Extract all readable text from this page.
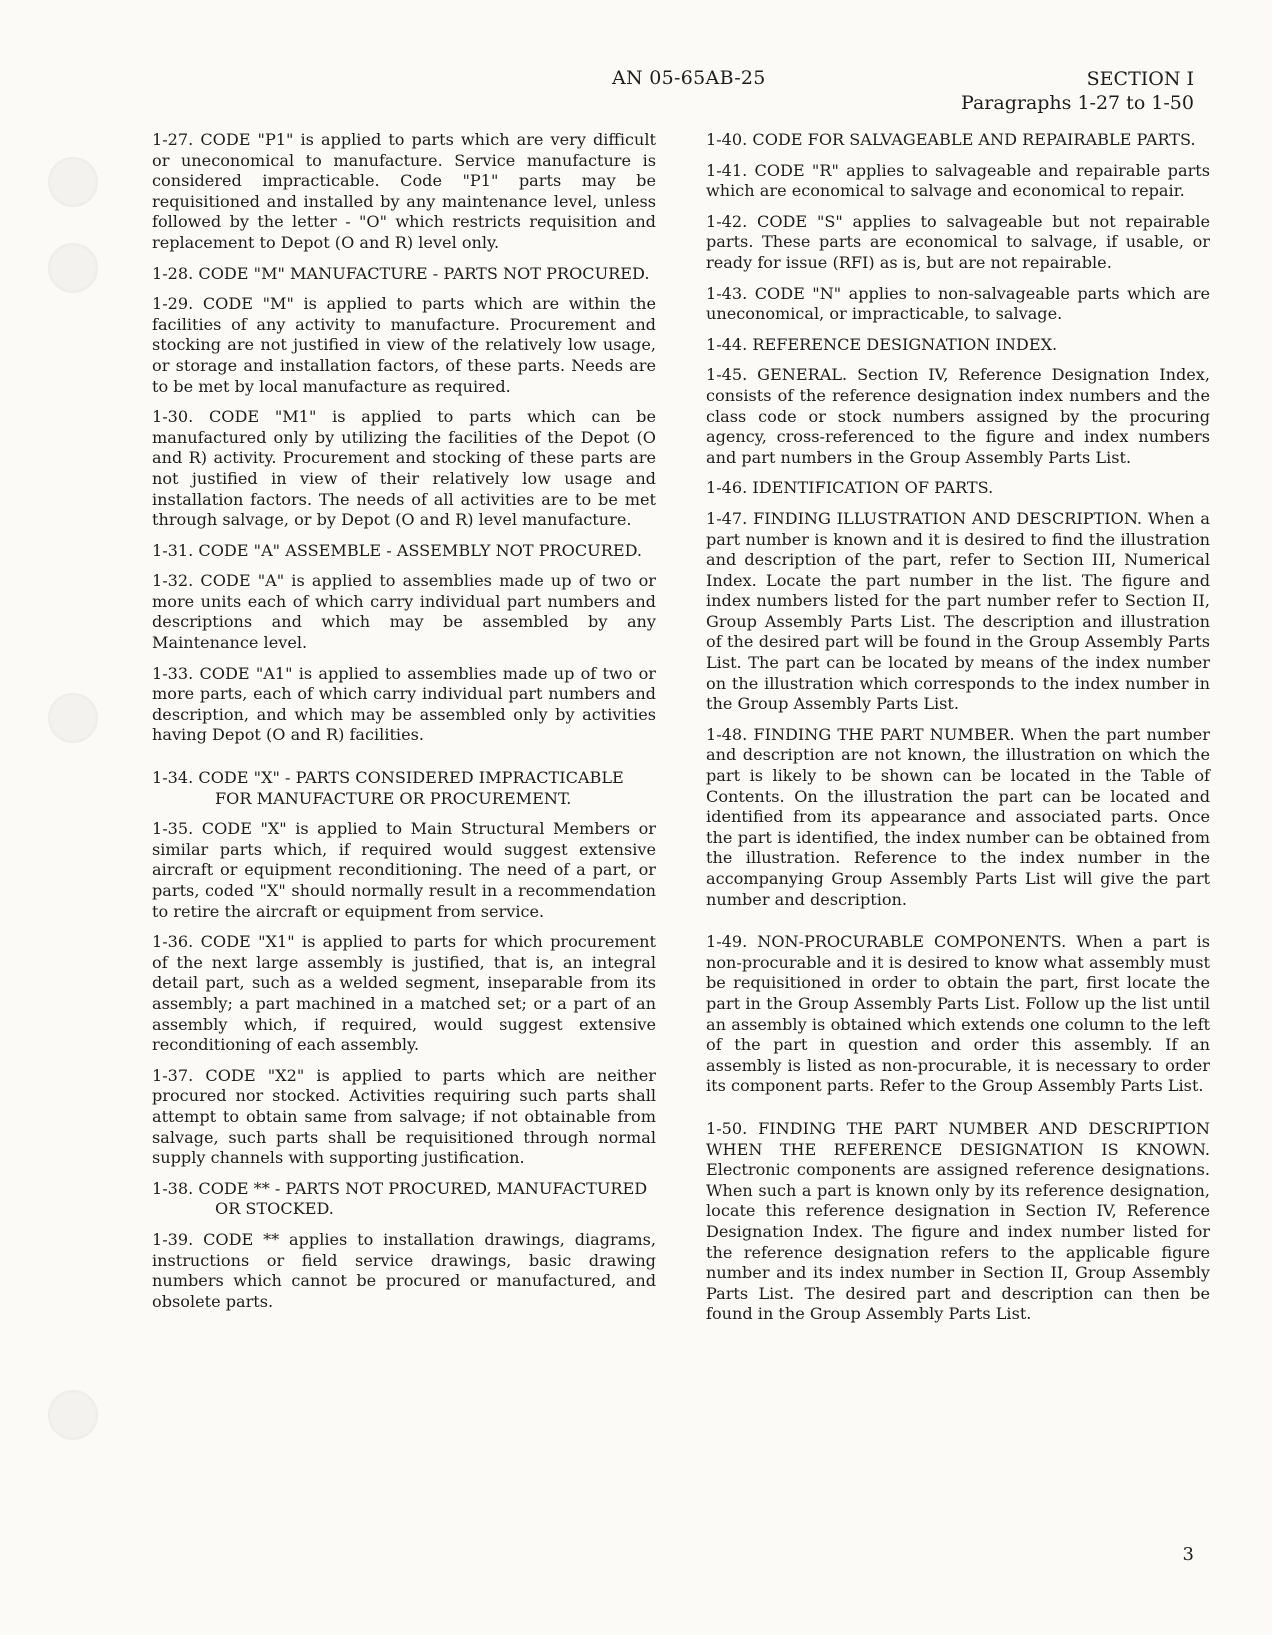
AN 05-65AB-25	SECTION I
Paragraphs 1-27 to 1-50

1-27. CODE "P1" is applied to parts which are very difficult or uneconomical to manufacture. Service manufacture is considered impracticable. Code "P1" parts may be requisitioned and installed by any maintenance level, unless followed by the letter - "O" which restricts requisition and replacement to Depot (O and R) level only.

1-28. CODE "M" MANUFACTURE - PARTS NOT PROCURED.

1-29. CODE "M" is applied to parts which are within the facilities of any activity to manufacture. Procurement and stocking are not justified in view of the relatively low usage, or storage and installation factors, of these parts. Needs are to be met by local manufacture as required.

1-30. CODE "M1" is applied to parts which can be manufactured only by utilizing the facilities of the Depot (O and R) activity. Procurement and stocking of these parts are not justified in view of their relatively low usage and installation factors. The needs of all activities are to be met through salvage, or by Depot (O and R) level manufacture.

1-31. CODE "A" ASSEMBLE - ASSEMBLY NOT PROCURED.

1-32. CODE "A" is applied to assemblies made up of two or more units each of which carry individual part numbers and descriptions and which may be assembled by any Maintenance level.

1-33. CODE "A1" is applied to assemblies made up of two or more parts, each of which carry individual part numbers and description, and which may be assembled only by activities having Depot (O and R) facilities.

1-34. CODE "X" - PARTS CONSIDERED IMPRACTICABLE FOR MANUFACTURE OR PROCUREMENT.

1-35. CODE "X" is applied to Main Structural Members or similar parts which, if required would suggest extensive aircraft or equipment reconditioning. The need of a part, or parts, coded "X" should normally result in a recommendation to retire the aircraft or equipment from service.

1-36. CODE "X1" is applied to parts for which procurement of the next large assembly is justified, that is, an integral detail part, such as a welded segment, inseparable from its assembly; a part machined in a matched set; or a part of an assembly which, if required, would suggest extensive reconditioning of each assembly.

1-37. CODE "X2" is applied to parts which are neither procured nor stocked. Activities requiring such parts shall attempt to obtain same from salvage; if not obtainable from salvage, such parts shall be requisitioned through normal supply channels with supporting justification.

1-38. CODE ** - PARTS NOT PROCURED, MANUFACTURED OR STOCKED.

1-39. CODE ** applies to installation drawings, diagrams, instructions or field service drawings, basic drawing numbers which cannot be procured or manufactured, and obsolete parts.

1-40. CODE FOR SALVAGEABLE AND REPAIRABLE PARTS.

1-41. CODE "R" applies to salvageable and repairable parts which are economical to salvage and economical to repair.

1-42. CODE "S" applies to salvageable but not repairable parts. These parts are economical to salvage, if usable, or ready for issue (RFI) as is, but are not repairable.

1-43. CODE "N" applies to non-salvageable parts which are uneconomical, or impracticable, to salvage.

1-44. REFERENCE DESIGNATION INDEX.

1-45. GENERAL. Section IV, Reference Designation Index, consists of the reference designation index numbers and the class code or stock numbers assigned by the procuring agency, cross-referenced to the figure and index numbers and part numbers in the Group Assembly Parts List.

1-46. IDENTIFICATION OF PARTS.

1-47. FINDING ILLUSTRATION AND DESCRIPTION. When a part number is known and it is desired to find the illustration and description of the part, refer to Section III, Numerical Index. Locate the part number in the list. The figure and index numbers listed for the part number refer to Section II, Group Assembly Parts List. The description and illustration of the desired part will be found in the Group Assembly Parts List. The part can be located by means of the index number on the illustration which corresponds to the index number in the Group Assembly Parts List.

1-48. FINDING THE PART NUMBER. When the part number and description are not known, the illustration on which the part is likely to be shown can be located in the Table of Contents. On the illustration the part can be located and identified from its appearance and associated parts. Once the part is identified, the index number can be obtained from the illustration. Reference to the index number in the accompanying Group Assembly Parts List will give the part number and description.

1-49. NON-PROCURABLE COMPONENTS. When a part is non-procurable and it is desired to know what assembly must be requisitioned in order to obtain the part, first locate the part in the Group Assembly Parts List. Follow up the list until an assembly is obtained which extends one column to the left of the part in question and order this assembly. If an assembly is listed as non-procurable, it is necessary to order its component parts. Refer to the Group Assembly Parts List.

1-50. FINDING THE PART NUMBER AND DESCRIPTION WHEN THE REFERENCE DESIGNATION IS KNOWN. Electronic components are assigned reference designations. When such a part is known only by its reference designation, locate this reference designation in Section IV, Reference Designation Index. The figure and index number listed for the reference designation refers to the applicable figure number and its index number in Section II, Group Assembly Parts List. The desired part and description can then be found in the Group Assembly Parts List.

3
